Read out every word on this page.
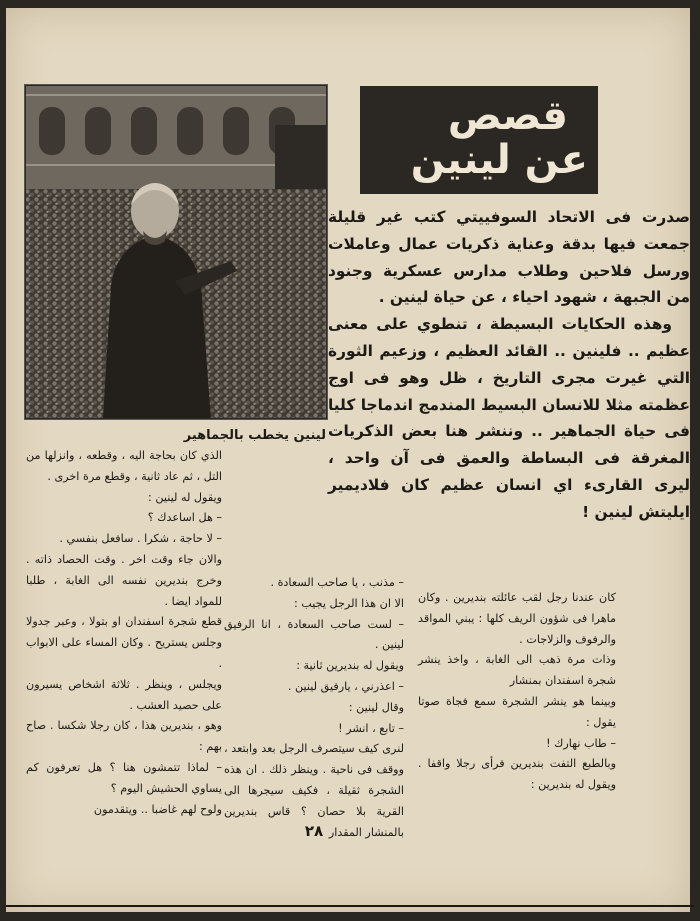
قصص
عن لينين
لينين يخطب بالجماهير

صدرت فى الاتحاد السوفييتي كتب غير قليلة جمعت فيها بدقة وعناية ذكريات عمال وعاملات ورسل فلاحين وطلاب مدارس عسكرية وجنود من الجبهة ، شهود احياء ، عن حياة لينين .

وهذه الحكايات البسيطة ، تنطوي على معنى عظيم .. فلينين .. القائد العظيم ، وزعيم الثورة التي غيرت مجرى التاريخ ، ظل وهو فى اوج عظمته مثلا للانسان البسيط المندمج اندماجا كليا فى حياة الجماهير .. وننشر هنا بعض الذكريات المغرقة فى البساطة والعمق فى آن واحد ، ليرى القارىء اي انسان عظيم كان فلاديمير ايليتش لينين !

كان عندنا رجل لقب عائلته بنديرين . وكان ماهرا فى شؤون الريف كلها : يبني المواقد والرفوف والزلاجات .

وذات مرة ذهب الى الغابة ، واخذ ينشر شجرة اسفندان بمنشار

وبينما هو ينشر الشجرة سمع فجاة صوتا يقول :

– طاب نهارك !

وبالطبع التفت بنديرين فرأى رجلا واقفا . ويقول له بنديرين :

– مذنب ، يا صاحب السعادة .

الا ان هذا الرجل يجيب :

– لست صاحب السعادة ، انا الرفيق لينين .

ويقول له بنديرين ثانية :

– اعذرني ، يارفيق لينين .

وقال لينين :

– تابع ، انشر !

لنرى كيف سيتصرف الرجل بعد وابتعد ، ووقف فى ناحية . وينظر ذلك . ان هذه الشجرة ثقيلة ، فكيف سيجرها الى القرية بلا حصان ؟ قاس بنديرين بالمنشار المقدار

الذي كان بحاجة اليه ، وقطعه ، وانزلها من التل ، ثم عاد ثانية ، وقطع مرة اخرى .

ويقول له لينين :

– هل اساعدك ؟

– لا حاجة ، شكرا . سافعل بنفسي .

والان جاء وقت اخر . وقت الحصاد ذاته . وخرج بنديرين نفسه الى الغابة ، طلبا للمواد ايضا .

قطع شجرة اسفندان او بتولا ، وعبر جدولا وجلس يستريح . وكان المساء على الابواب .

ويجلس ، وينظر . ثلاثة اشخاص يسيرون على حصيد العشب .

وهو ، بنديرين هذا ، كان رجلا شكسا . صاح بهم :

– لماذا تتمشون هنا ؟ هل تعرفون كم يساوي الحشيش اليوم ؟

ولوح لهم غاضبا .. ويتقدمون

٢٨
